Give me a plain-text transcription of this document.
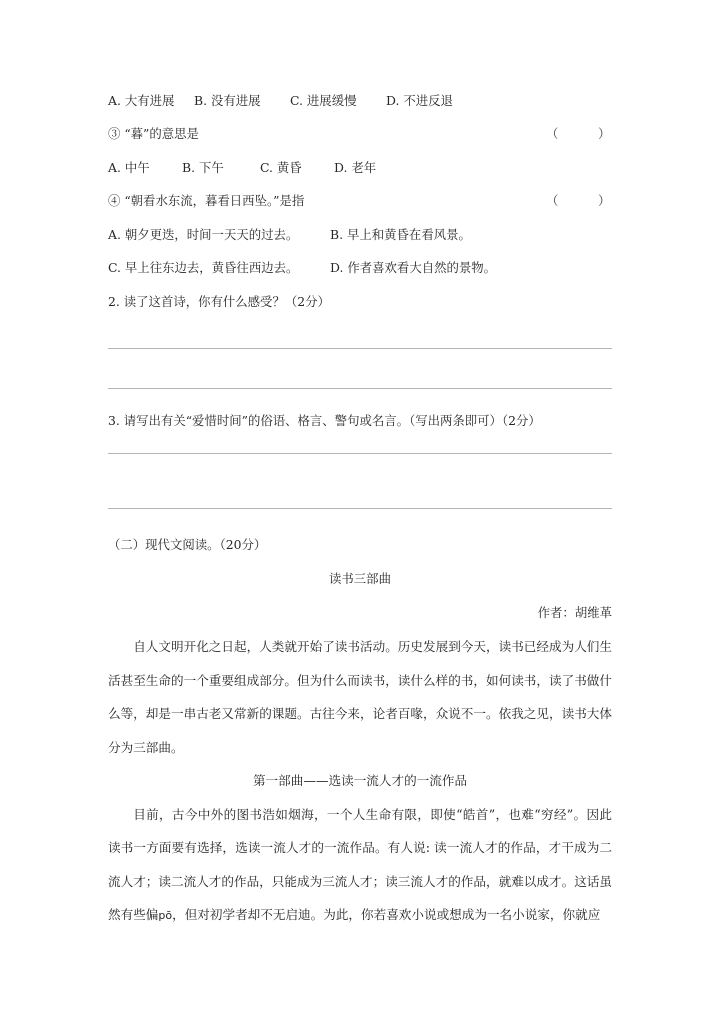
A. 大有进展 B. 没有进展 C. 进展缓慢 D. 不进反退
③ “暮”的意思是	（	）
A. 中午	B. 下午	C. 黄昏	D. 老年
④ “朝看水东流，暮看日西坠。”是指	（	）
A. 朝夕更迭，时间一天天的过去。	B. 早上和黄昏在看风景。
C. 早上往东边去，黄昏往西边去。	D. 作者喜欢看大自然的景物。
2. 读了这首诗，你有什么感受？（2分）
3. 请写出有关“爱惜时间”的俗语、格言、警句或名言。（写出两条即可）（2分）
（二）现代文阅读。（20分）
读书三部曲
作者：胡维革

自人文明开化之日起，人类就开始了读书活动。历史发展到今天，读书已经成为人们生活甚至生命的一个重要组成部分。但为什么而读书，读什么样的书，如何读书，读了书做什么等，却是一串古老又常新的课题。古往今来，论者百喙，众说不一。依我之见，读书大体分为三部曲。

第一部曲——选读一流人才的一流作品

目前，古今中外的图书浩如烟海，一个人生命有限，即使“皓首”，也难“穷经”。因此读书一方面要有选择，选读一流人才的一流作品。有人说: 读一流人才的作品，才干成为二流人才；读二流人才的作品，只能成为三流人才；读三流人才的作品，就难以成才。这话虽然有些偏pō，但对初学者却不无启迪。为此，你若喜欢小说或想成为一名小说家，你就应
